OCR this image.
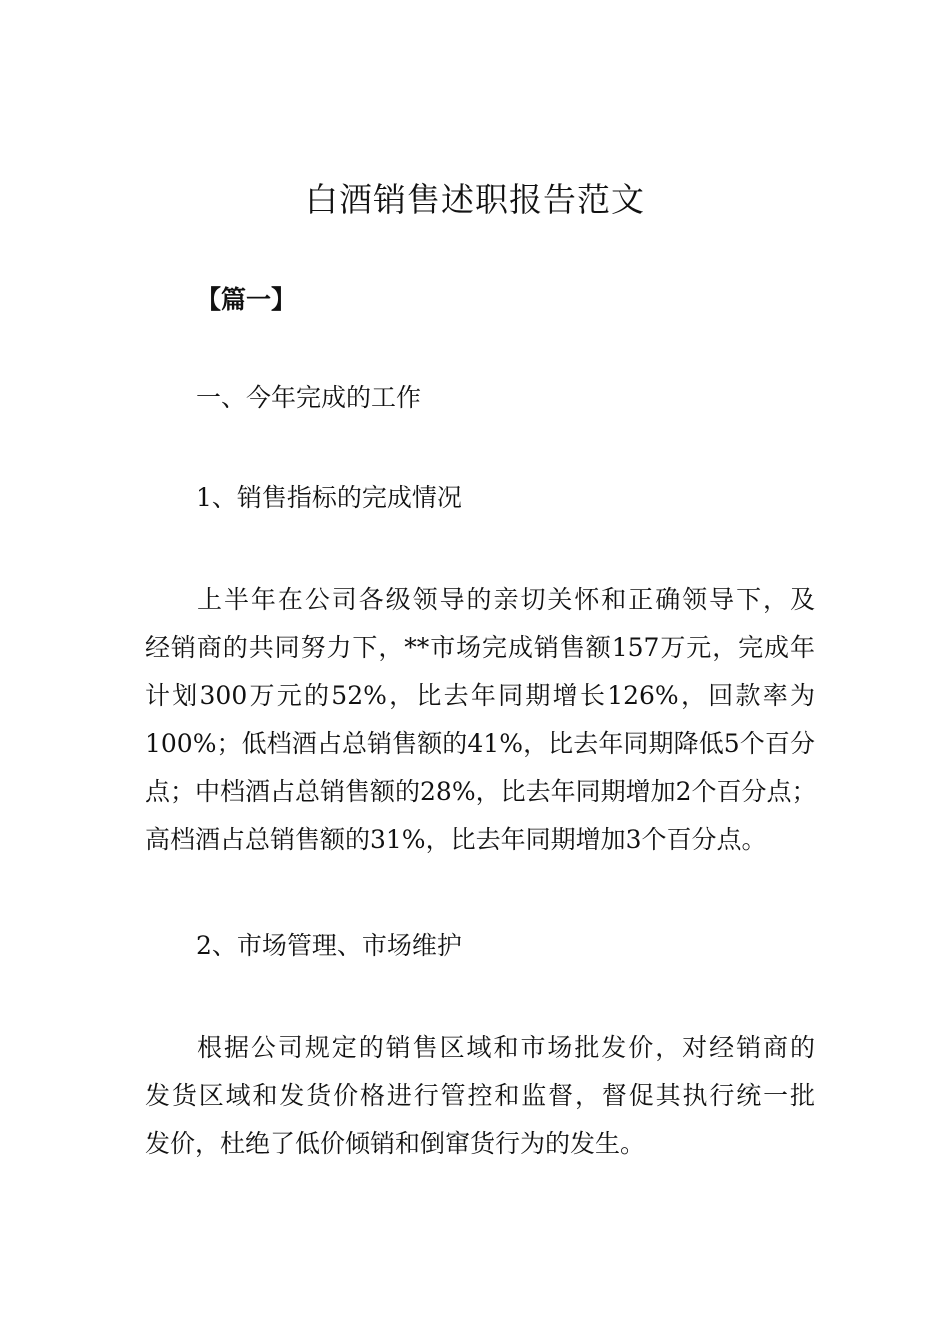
白酒销售述职报告范文
【篇一】
一、今年完成的工作
1、销售指标的完成情况
上半年在公司各级领导的亲切关怀和正确领导下，及
经销商的共同努力下，**市场完成销售额157万元，完成年
计划300万元的52%，比去年同期增长126%，回款率为
100%；低档酒占总销售额的41%，比去年同期降低5个百分
点；中档酒占总销售额的28%，比去年同期增加2个百分点；
高档酒占总销售额的31%，比去年同期增加3个百分点。
2、市场管理、市场维护
根据公司规定的销售区域和市场批发价，对经销商的
发货区域和发货价格进行管控和监督，督促其执行统一批
发价，杜绝了低价倾销和倒窜货行为的发生。
